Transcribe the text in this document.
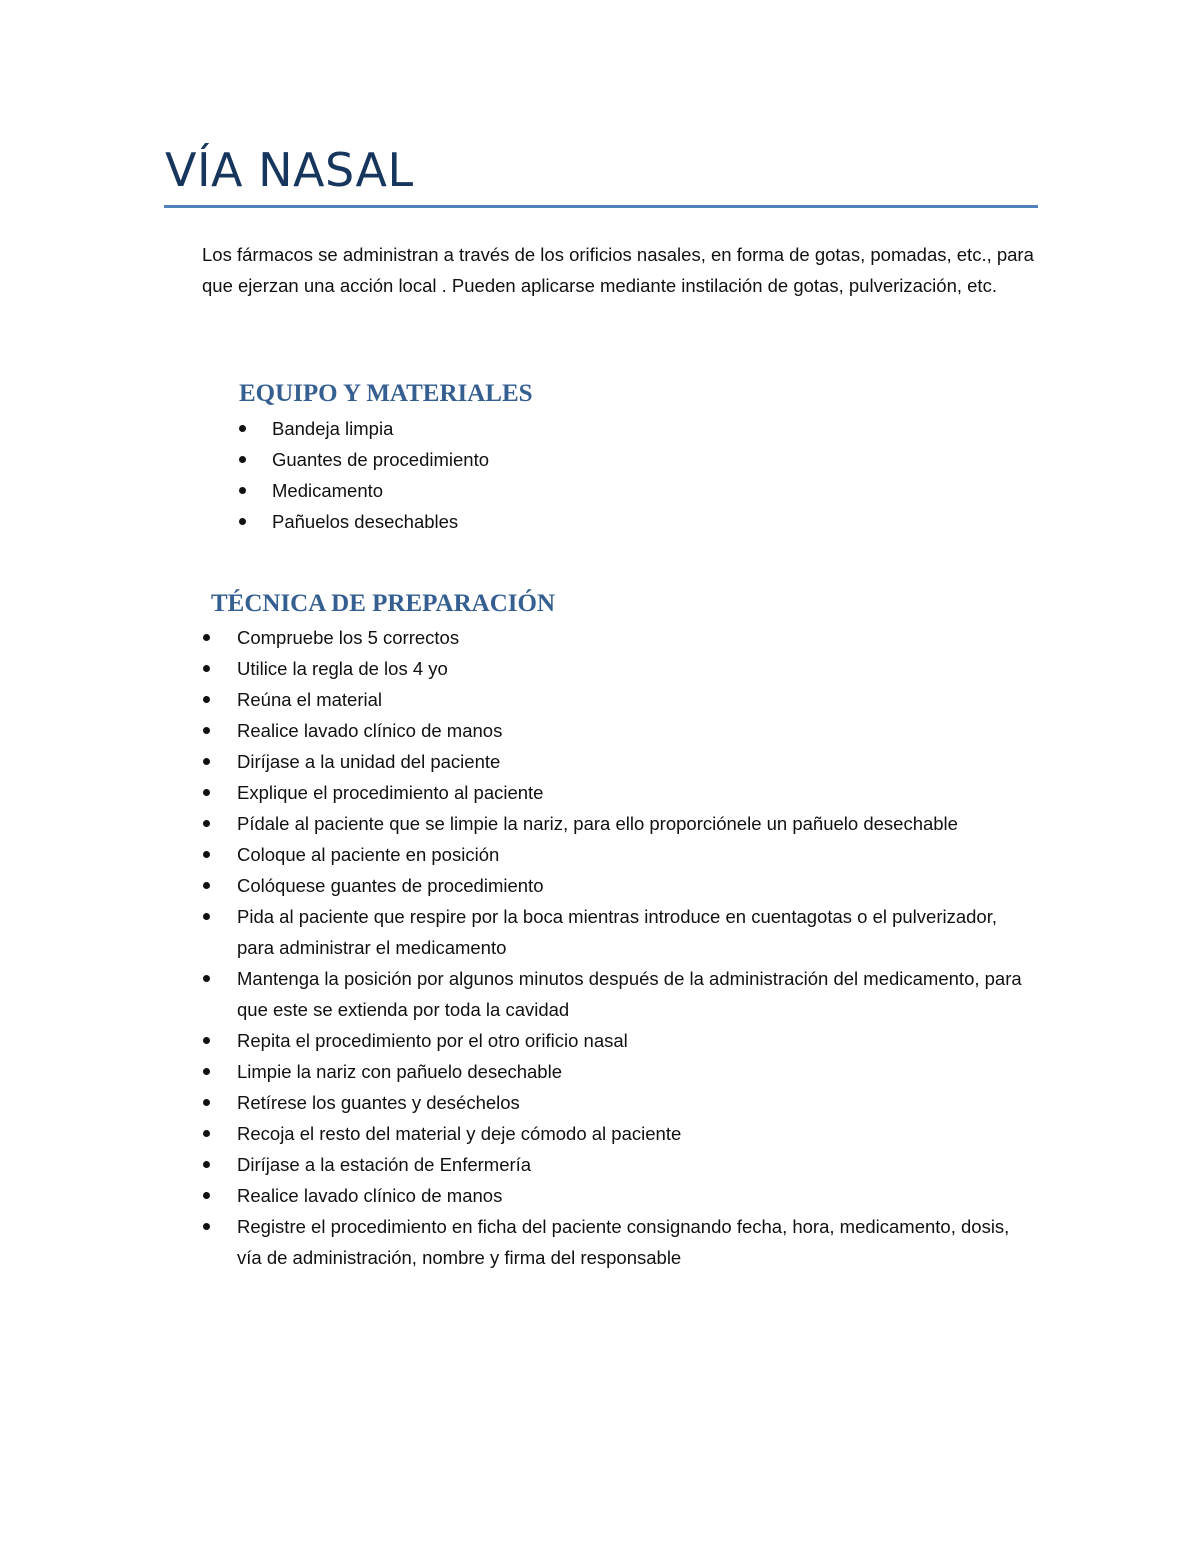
VÍA NASAL

Los fármacos se administran a través de los orificios nasales, en forma de gotas, pomadas, etc., para que ejerzan una acción local . Pueden aplicarse mediante instilación de gotas, pulverización, etc.

EQUIPO Y MATERIALES
Bandeja limpia
Guantes de procedimiento
Medicamento
Pañuelos desechables
TÉCNICA DE PREPARACIÓN
Compruebe los 5 correctos
Utilice la regla de los 4 yo
Reúna el material
Realice lavado clínico de manos
Diríjase a la unidad del paciente
Explique el procedimiento al paciente
Pídale al paciente que se limpie la nariz, para ello proporciónele un pañuelo desechable
Coloque al paciente en posición
Colóquese guantes de procedimiento
Pida al paciente que respire por la boca mientras introduce en cuentagotas o el pulverizador, para administrar el medicamento
Mantenga la posición por algunos minutos después de la administración del medicamento, para que este se extienda por toda la cavidad
Repita el procedimiento por el otro orificio nasal
Limpie la nariz con pañuelo desechable
Retírese los guantes y deséchelos
Recoja el resto del material y deje cómodo al paciente
Diríjase a la estación de Enfermería
Realice lavado clínico de manos
Registre el procedimiento en ficha del paciente consignando fecha, hora, medicamento, dosis, vía de administración, nombre y firma del responsable
